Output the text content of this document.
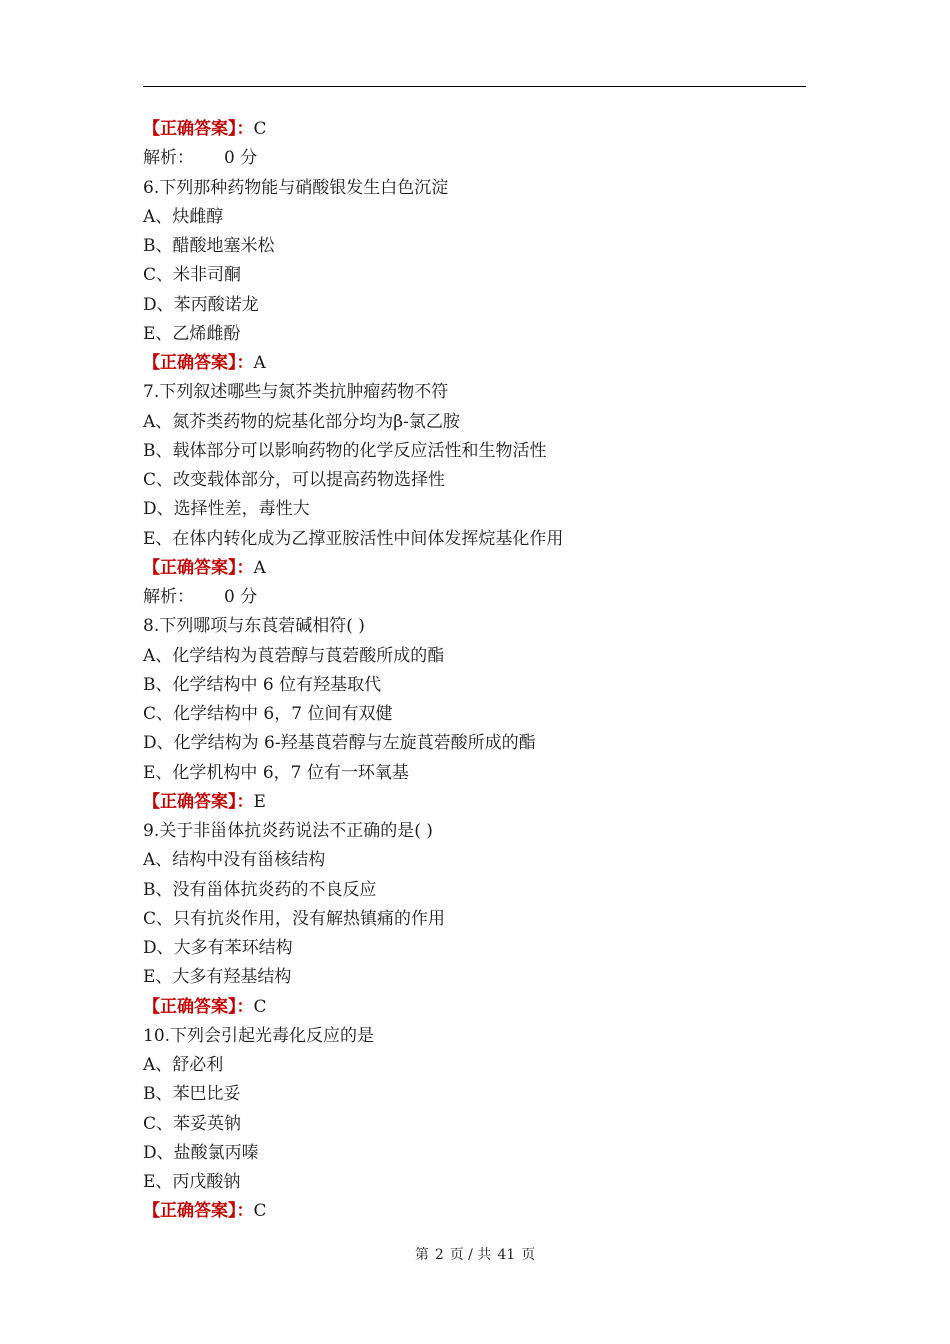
【正确答案】：C
解析： 0 分
6.下列那种药物能与硝酸银发生白色沉淀
A、炔雌醇
B、醋酸地塞米松
C、米非司酮
D、苯丙酸诺龙
E、乙烯雌酚
【正确答案】：A
7.下列叙述哪些与氮芥类抗肿瘤药物不符
A、氮芥类药物的烷基化部分均为β-氯乙胺
B、载体部分可以影响药物的化学反应活性和生物活性
C、改变载体部分，可以提高药物选择性
D、选择性差，毒性大
E、在体内转化成为乙撑亚胺活性中间体发挥烷基化作用
【正确答案】：A
解析： 0 分
8.下列哪项与东莨菪碱相符( )
A、化学结构为莨菪醇与莨菪酸所成的酯
B、化学结构中 6 位有羟基取代
C、化学结构中 6，7 位间有双健
D、化学结构为 6-羟基莨菪醇与左旋莨菪酸所成的酯
E、化学机构中 6，7 位有一环氧基
【正确答案】：E
9.关于非甾体抗炎药说法不正确的是( )
A、结构中没有甾核结构
B、没有甾体抗炎药的不良反应
C、只有抗炎作用，没有解热镇痛的作用
D、大多有苯环结构
E、大多有羟基结构
【正确答案】：C
10.下列会引起光毒化反应的是
A、舒必利
B、苯巴比妥
C、苯妥英钠
D、盐酸氯丙嗪
E、丙戊酸钠
【正确答案】：C
第 2 页 / 共 41 页
